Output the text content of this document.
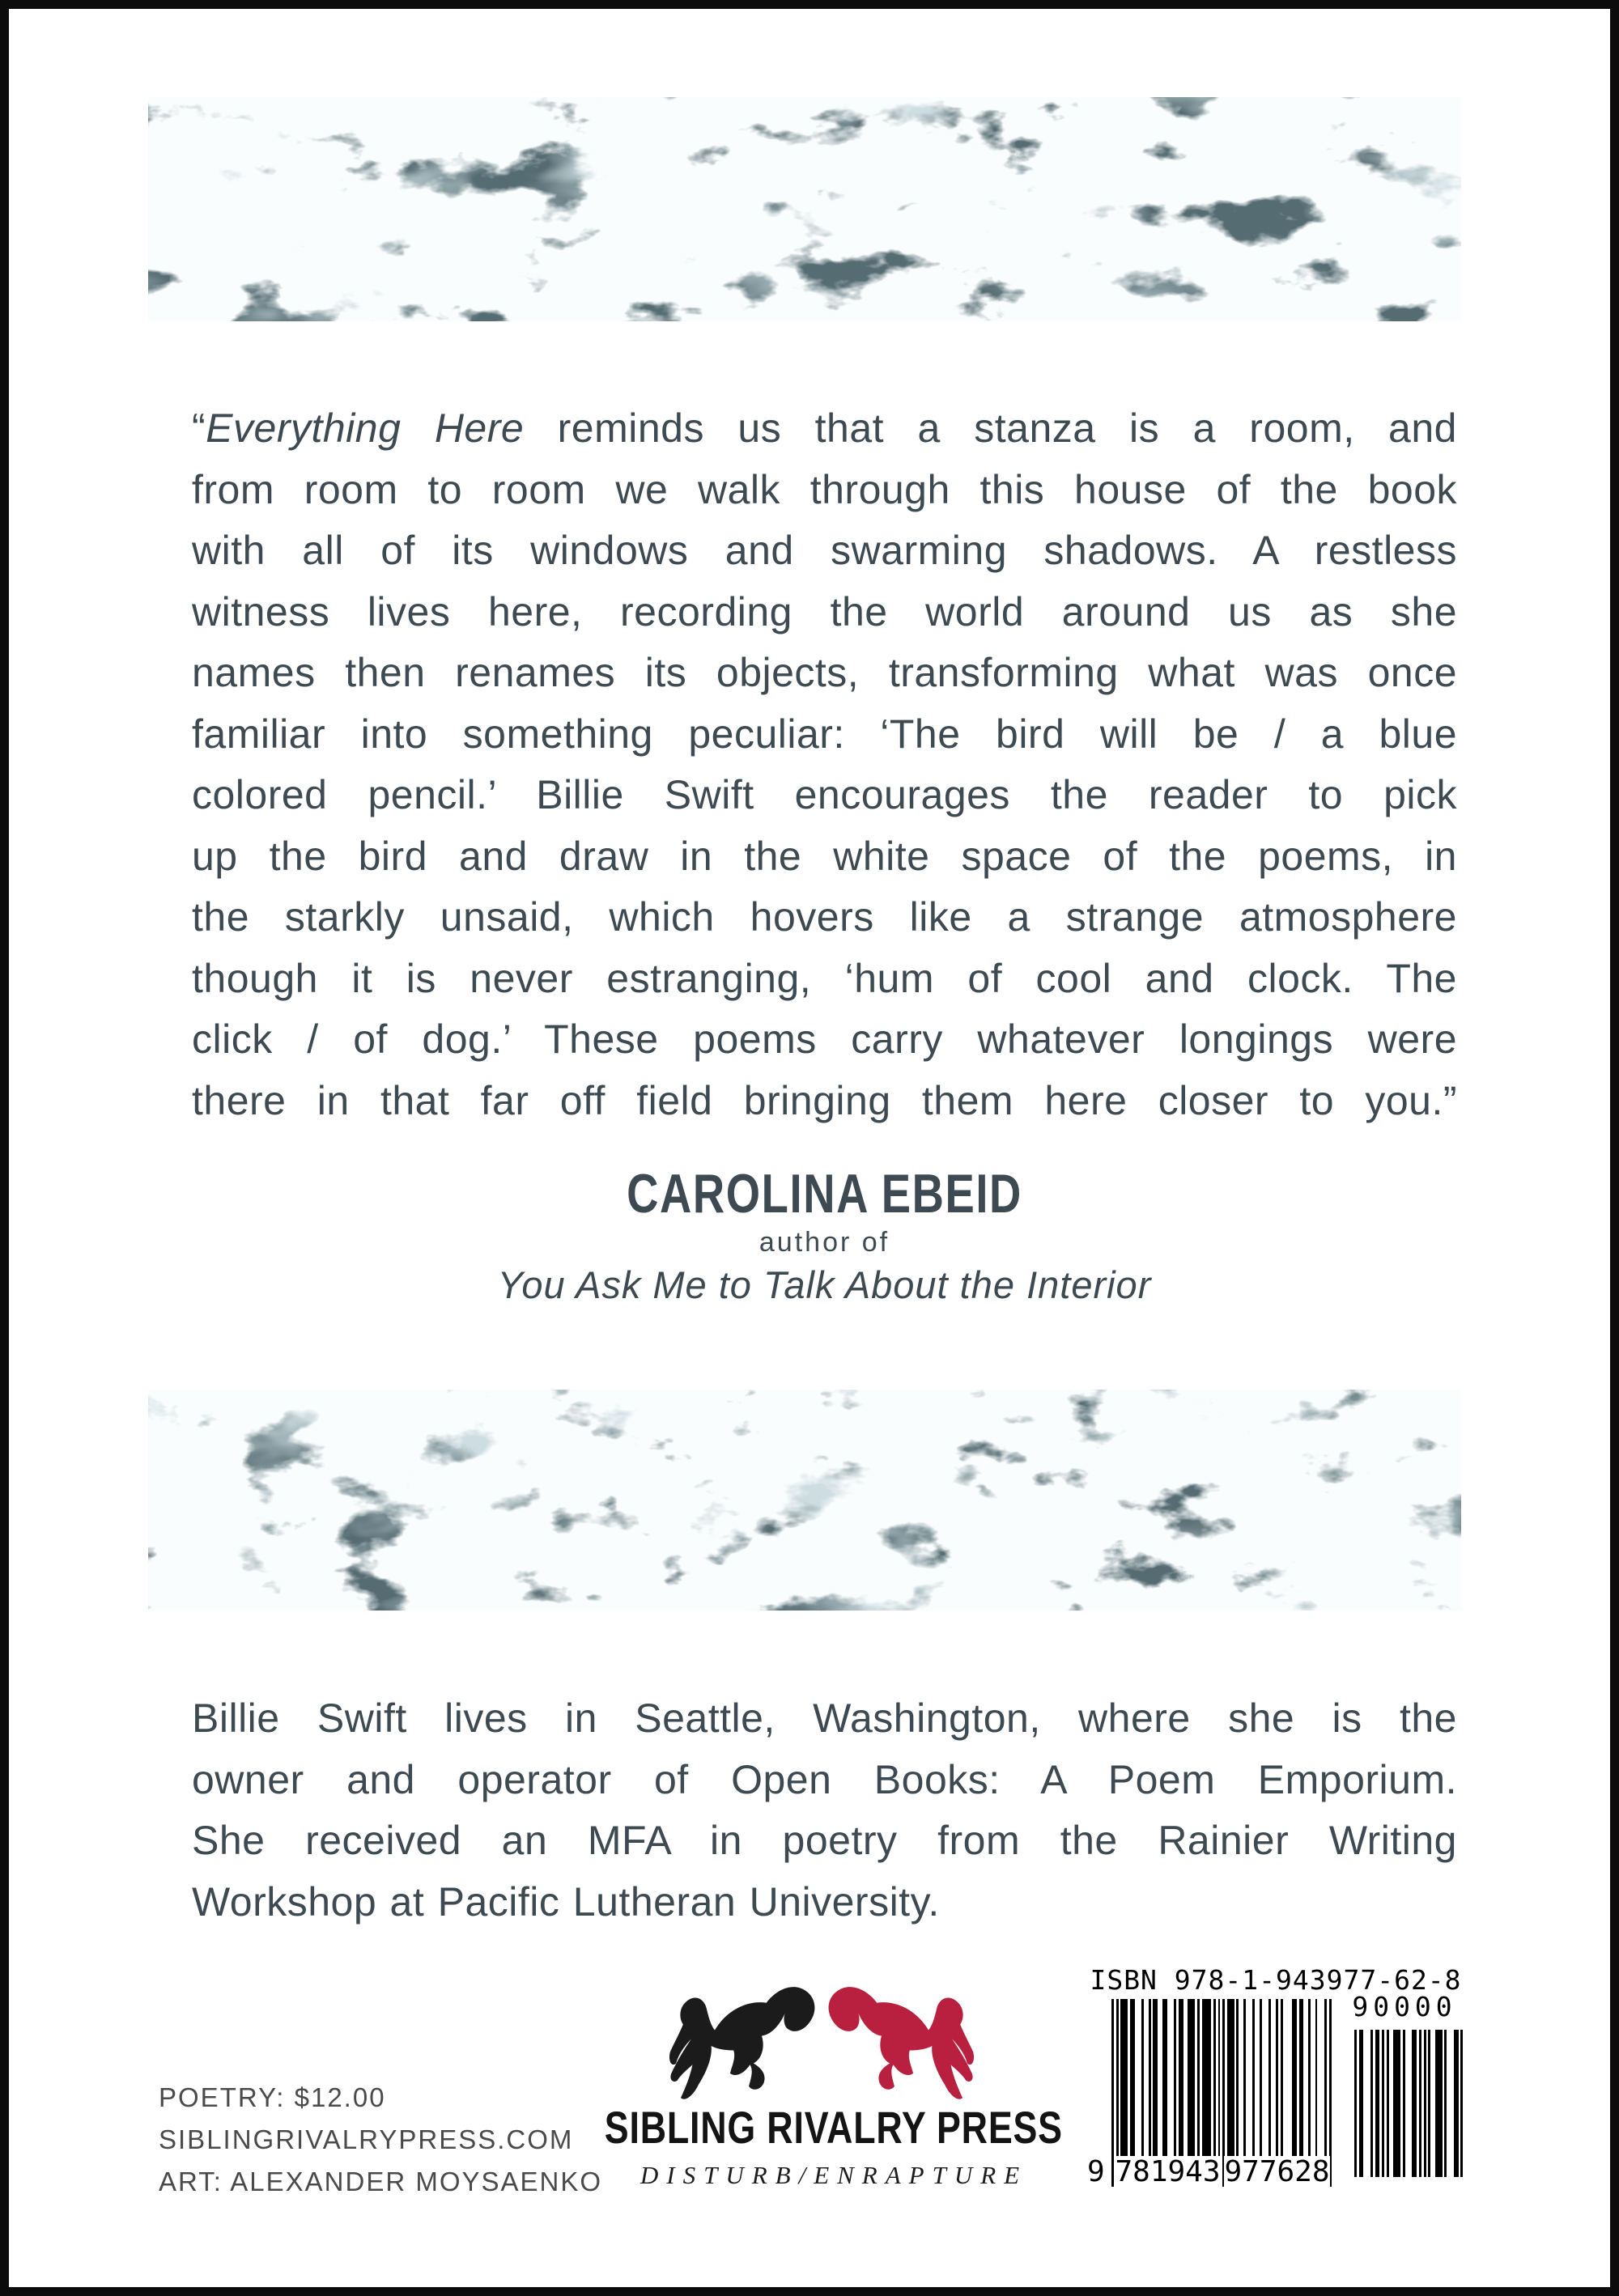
“Everything Here reminds us that a stanza is a room, and
from room to room we walk through this house of the book
with all of its windows and swarming shadows. A restless
witness lives here, recording the world around us as she
names then renames its objects, transforming what was once
familiar into something peculiar: ‘The bird will be / a blue
colored pencil.’ Billie Swift encourages the reader to pick
up the bird and draw in the white space of the poems, in
the starkly unsaid, which hovers like a strange atmosphere
though it is never estranging, ‘hum of cool and clock. The
click / of dog.’ These poems carry whatever longings were
there in that far off field bringing them here closer to you.”
CAROLINA EBEID
author of
You Ask Me to Talk About the Interior
Billie Swift lives in Seattle, Washington, where she is the
owner and operator of Open Books: A Poem Emporium.
She received an MFA in poetry from the Rainier Writing
Workshop at Pacific Lutheran University.
POETRY: $12.00
SIBLINGRIVALRYPRESS.COM
ART: ALEXANDER MOYSAENKO
SIBLING RIVALRY PRESS
DISTURB/ENRAPTURE
ISBN 978-1-943977-62-8
9 781943 977628
90000
